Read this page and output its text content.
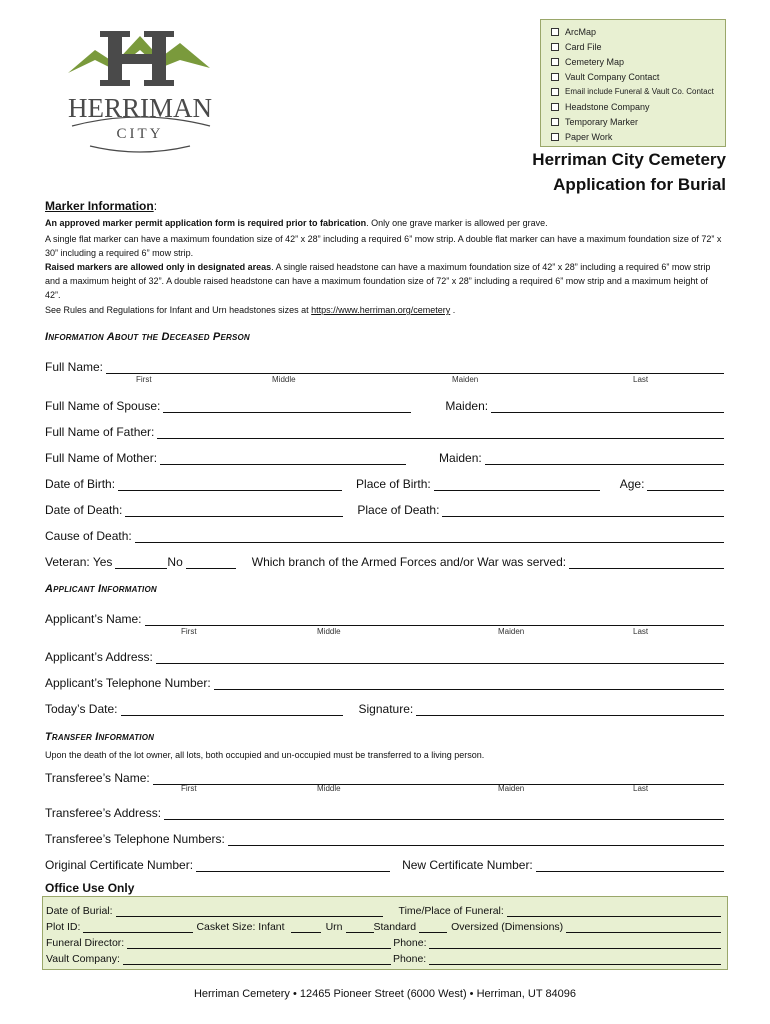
HERRIMAN
CITY
ArcMap
Card File
Cemetery Map
Vault Company Contact
Email include Funeral & Vault Co. Contact
Headstone Company
Temporary Marker
Paper Work
Herriman City Cemetery
Application for Burial
Marker Information:
An approved marker permit application form is required prior to fabrication. Only one grave marker is allowed per grave.
A single flat marker can have a maximum foundation size of 42” x 28” including a required 6” mow strip. A double flat marker can have a maximum foundation size of 72” x 30” including a required 6” mow strip.
Raised markers are allowed only in designated areas. A single raised headstone can have a maximum foundation size of 42” x 28” including a required 6” mow strip and a maximum height of 32”. A double raised headstone can have a maximum foundation size of 72” x 28” including a required 6” mow strip and a maximum height of 42”.
See Rules and Regulations for Infant and Urn headstones sizes at https://www.herriman.org/cemetery .
Information About the Deceased Person
Full Name:
First	Middle	Maiden	Last
Full Name of Spouse:	Maiden:
Full Name of Father:
Full Name of Mother:	Maiden:
Date of Birth:	Place of Birth:	Age:
Date of Death:	Place of Death:
Cause of Death:
Veteran: Yes	No	Which branch of the Armed Forces and/or War was served:
Applicant Information
Applicant’s Name:
First	Middle	Maiden	Last
Applicant’s Address:
Applicant’s Telephone Number:
Today’s Date:	Signature:
Transfer Information
Upon the death of the lot owner, all lots, both occupied and un-occupied must be transferred to a living person.
Transferee’s Name:
First	Middle	Maiden	Last
Transferee’s Address:
Transferee’s Telephone Numbers:
Original Certificate Number:	New Certificate Number:
Office Use Only
Date of Burial:	Time/Place of Funeral:
Plot ID:	Casket Size: Infant	Urn	Standard	Oversized (Dimensions)
Funeral Director:	Phone:
Vault Company:	Phone:
Herriman Cemetery • 12465 Pioneer Street (6000 West) • Herriman, UT 84096
